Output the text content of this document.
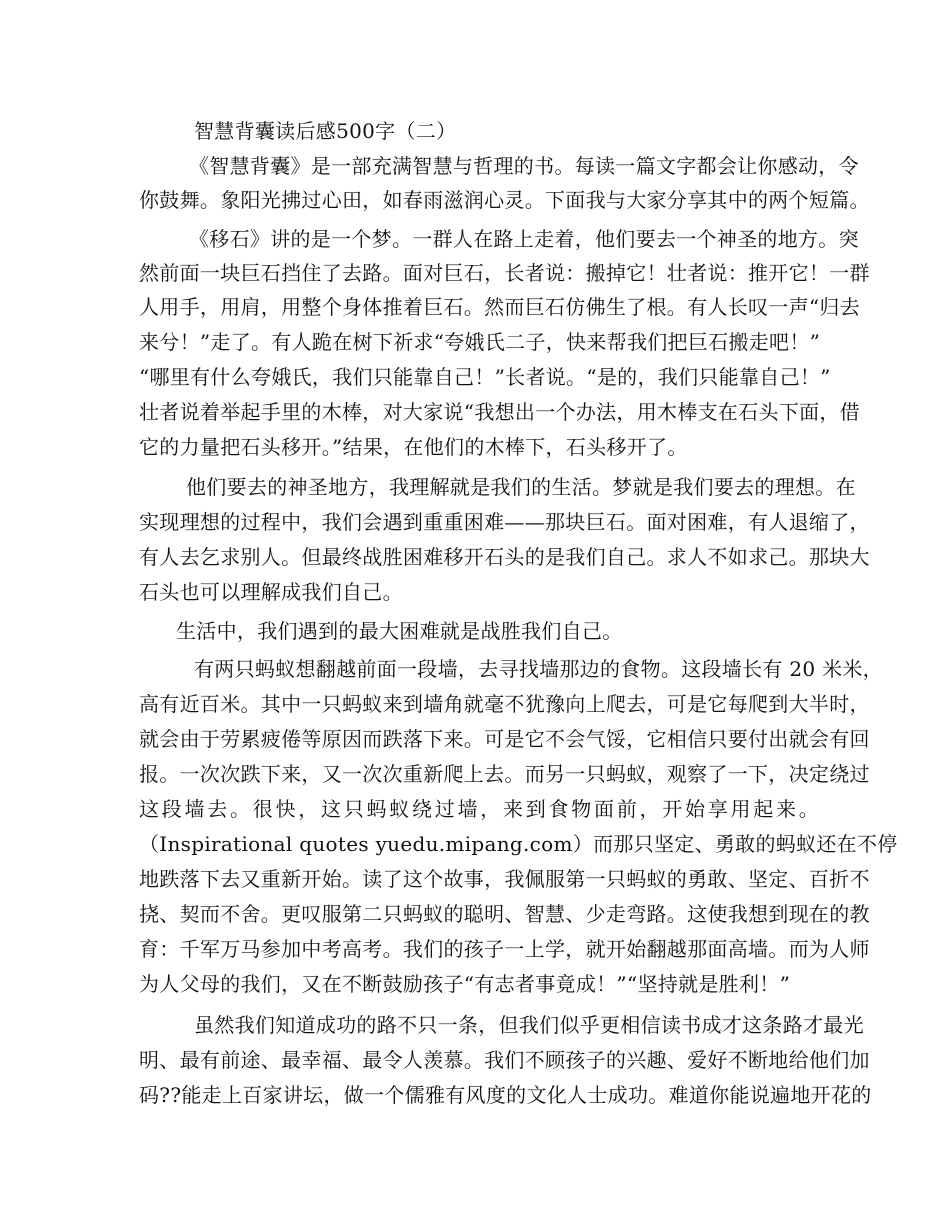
智慧背囊读后感500字（二）
《智慧背囊》是一部充满智慧与哲理的书。每读一篇文字都会让你感动，令
你鼓舞。象阳光拂过心田，如春雨滋润心灵。下面我与大家分享其中的两个短篇。
《移石》讲的是一个梦。一群人在路上走着，他们要去一个神圣的地方。突
然前面一块巨石挡住了去路。面对巨石，长者说：搬掉它！壮者说：推开它！一群
人用手，用肩，用整个身体推着巨石。然而巨石仿佛生了根。有人长叹一声“归去
来兮！”走了。有人跪在树下祈求“夸娥氏二子，快来帮我们把巨石搬走吧！”
“哪里有什么夸娥氏，我们只能靠自己！”长者说。“是的，我们只能靠自己！”
壮者说着举起手里的木棒，对大家说“我想出一个办法，用木棒支在石头下面，借
它的力量把石头移开。”结果，在他们的木棒下，石头移开了。
他们要去的神圣地方，我理解就是我们的生活。梦就是我们要去的理想。在
实现理想的过程中，我们会遇到重重困难——那块巨石。面对困难，有人退缩了，
有人去乞求别人。但最终战胜困难移开石头的是我们自己。求人不如求己。那块大
石头也可以理解成我们自己。
生活中，我们遇到的最大困难就是战胜我们自己。
有两只蚂蚁想翻越前面一段墙，去寻找墙那边的食物。这段墙长有 20 米米，
高有近百米。其中一只蚂蚁来到墙角就毫不犹豫向上爬去，可是它每爬到大半时，
就会由于劳累疲倦等原因而跌落下来。可是它不会气馁，它相信只要付出就会有回
报。一次次跌下来，又一次次重新爬上去。而另一只蚂蚁，观察了一下，决定绕过
这段墙去。很快，这只蚂蚁绕过墙，来到食物面前，开始享用起来。
（Inspirational quotes yuedu.mipang.com）而那只坚定、勇敢的蚂蚁还在不停
地跌落下去又重新开始。读了这个故事，我佩服第一只蚂蚁的勇敢、坚定、百折不
挠、契而不舍。更叹服第二只蚂蚁的聪明、智慧、少走弯路。这使我想到现在的教
育：千军万马参加中考高考。我们的孩子一上学，就开始翻越那面高墙。而为人师
为人父母的我们，又在不断鼓励孩子“有志者事竟成！”“坚持就是胜利！”
虽然我们知道成功的路不只一条，但我们似乎更相信读书成才这条路才最光
明、最有前途、最幸福、最令人羡慕。我们不顾孩子的兴趣、爱好不断地给他们加
码??能走上百家讲坛，做一个儒雅有风度的文化人士成功。难道你能说遍地开花的
